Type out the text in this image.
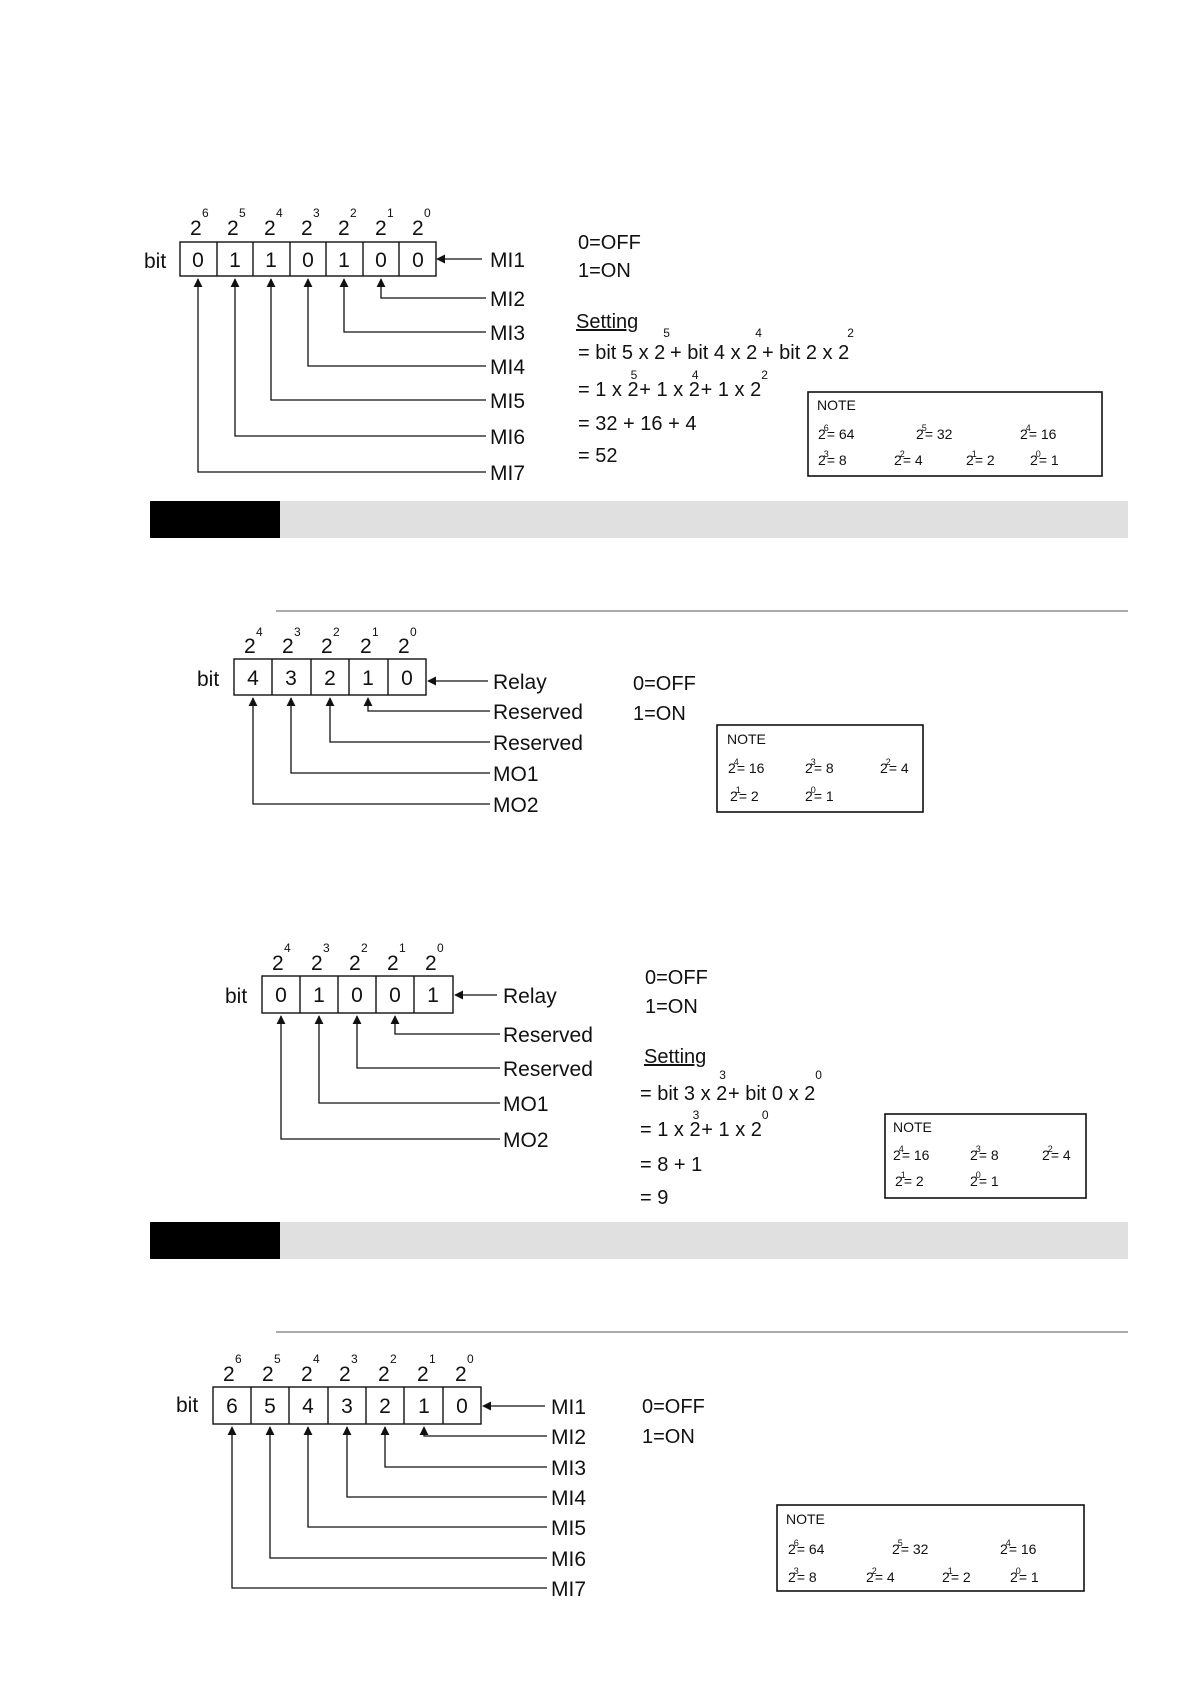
2
6
2
5
2
4
2
3
2
2
2
1
2
0
bit 0 1 1 0 1 0 0	MI1
MI2
MI3
MI4
MI5
MI6
MI7
0=OFF
1=ON
Setting
= bit 5 x 25+ bit 4 x 24+ bit 2 x 22
= 1 x 25+ 1 x 24+ 1 x $2^2$
= 32 + 16 + 4
= 52
NOTE
26= 64	25= 32	24= 16
23= 8	22= 4	21= 2	20= 1
2
4
2
3
2
2
2
1
2
0
bit 4 3 2 1 0	Relay
Reserved
Reserved
MO1
MO2
0=OFF
1=ON
NOTE
24= 16	23= 8	22= 4
21= 2	20= 1
2
4
2
3
2
2
2
1
2
0
bit 0 1 0 0 1	Relay
Reserved
Reserved
MO1
MO2
0=OFF
1=ON
Setting
= bit 3 x 23+ bit 0 x $2^0$
= 1 x 23+ 1 x $2^0$
= 8 + 1
= 9
NOTE
24= 16	23= 8	22= 4
21= 2	20= 1
2
6
2
5
2
4
2
3
2
2
2
1
2
0
bit 6 5 4 3 2 1 0	MI1
MI2
MI3
MI4
MI5
MI6
MI7
0=OFF
1=ON
NOTE
26= 64	25= 32	24= 16
23= 8	22= 4	21= 2	20= 1
